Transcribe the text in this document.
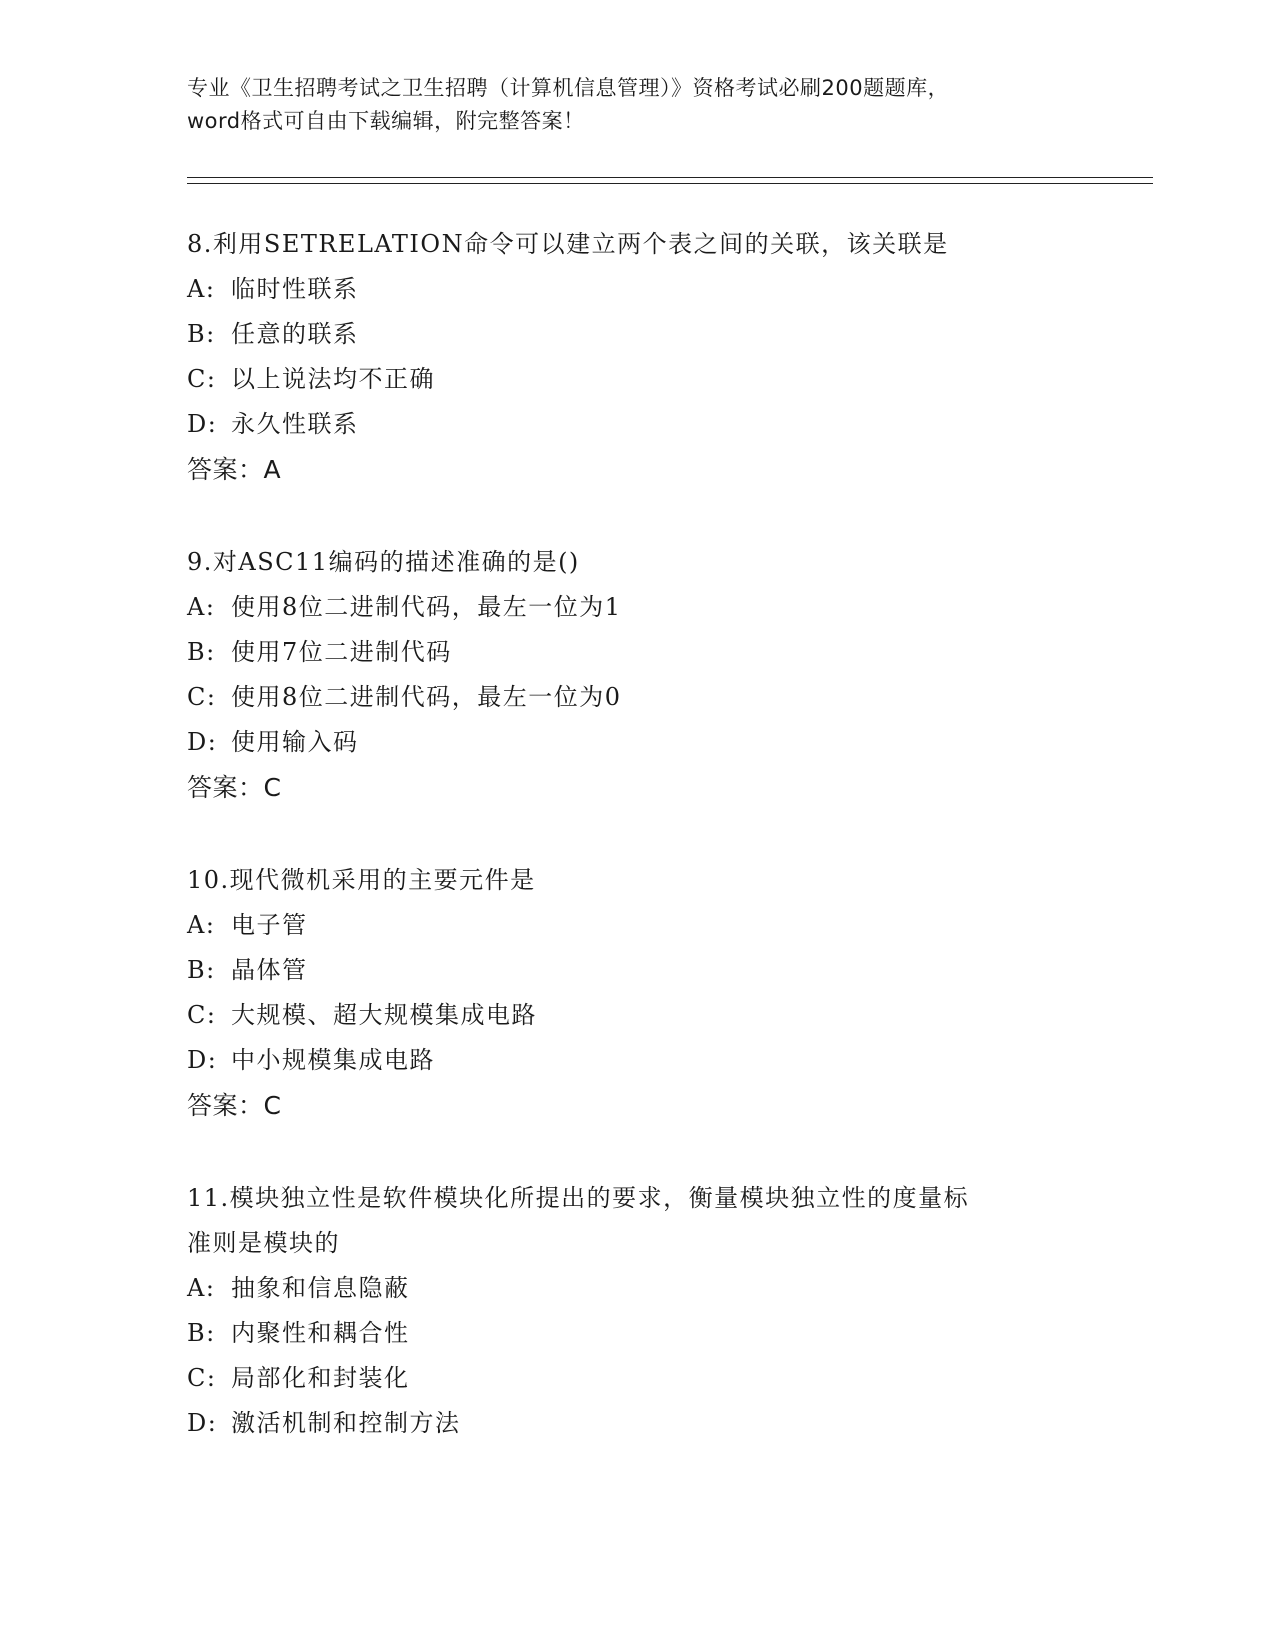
专业《卫生招聘考试之卫生招聘（计算机信息管理）》资格考试必刷200题题库，
word格式可自由下载编辑，附完整答案！
8.利用SETRELATION命令可以建立两个表之间的关联，该关联是
A: 临时性联系
B: 任意的联系
C: 以上说法均不正确
D: 永久性联系
答案：A
9.对ASC11编码的描述准确的是()
A: 使用8位二进制代码，最左一位为1
B: 使用7位二进制代码
C: 使用8位二进制代码，最左一位为0
D: 使用输入码
答案：C
10.现代微机采用的主要元件是
A: 电子管
B: 晶体管
C: 大规模、超大规模集成电路
D: 中小规模集成电路
答案：C
11.模块独立性是软件模块化所提出的要求，衡量模块独立性的度量标
准则是模块的
A: 抽象和信息隐蔽
B: 内聚性和耦合性
C: 局部化和封装化
D: 激活机制和控制方法
